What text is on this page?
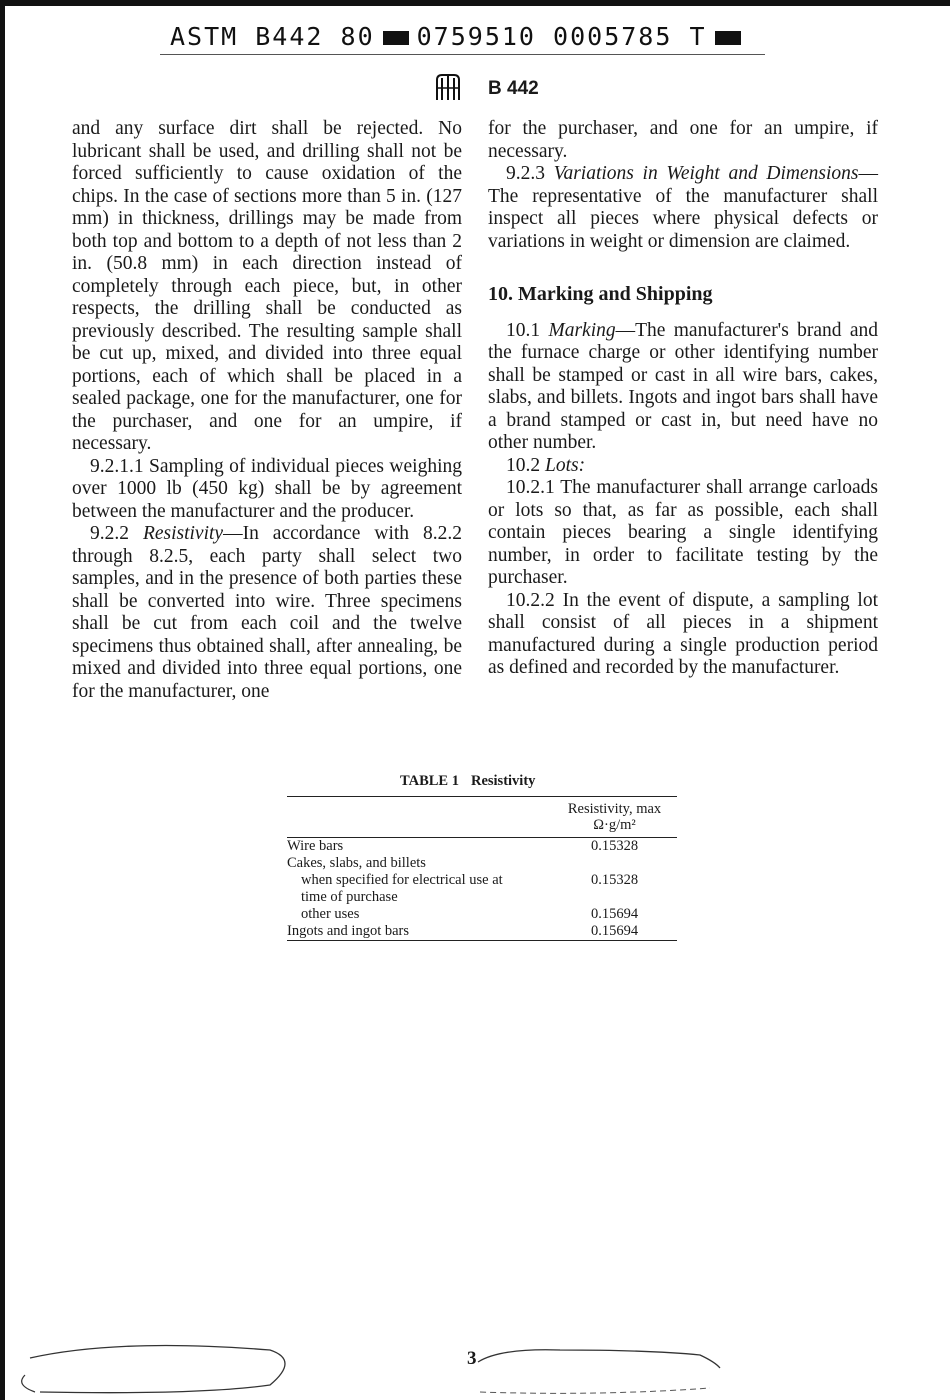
ASTM B442 80 0759510 0005785 T
B 442

and any surface dirt shall be rejected. No lubricant shall be used, and drilling shall not be forced sufficiently to cause oxidation of the chips. In the case of sections more than 5 in. (127 mm) in thickness, drillings may be made from both top and bottom to a depth of not less than 2 in. (50.8 mm) in each direction instead of completely through each piece, but, in other respects, the drilling shall be conducted as previously described. The resulting sample shall be cut up, mixed, and divided into three equal portions, each of which shall be placed in a sealed package, one for the manufacturer, one for the purchaser, and one for an umpire, if necessary.

9.2.1.1 Sampling of individual pieces weighing over 1000 lb (450 kg) shall be by agreement between the manufacturer and the producer.

9.2.2 Resistivity—In accordance with 8.2.2 through 8.2.5, each party shall select two samples, and in the presence of both parties these shall be converted into wire. Three specimens shall be cut from each coil and the twelve specimens thus obtained shall, after annealing, be mixed and divided into three equal portions, one for the manufacturer, one

for the purchaser, and one for an umpire, if necessary.

9.2.3 Variations in Weight and Dimensions—The representative of the manufacturer shall inspect all pieces where physical defects or variations in weight or dimension are claimed.

10. Marking and Shipping

10.1 Marking—The manufacturer's brand and the furnace charge or other identifying number shall be stamped or cast in all wire bars, cakes, slabs, and billets. Ingots and ingot bars shall have a brand stamped or cast in, but need have no other number.

10.2 Lots:

10.2.1 The manufacturer shall arrange carloads or lots so that, as far as possible, each shall contain pieces bearing a single identifying number, in order to facilitate testing by the purchaser.

10.2.2 In the event of dispute, a sampling lot shall consist of all pieces in a shipment manufactured during a single production period as defined and recorded by the manufacturer.

TABLE 1 Resistivity
Resistivity, max
Ω·g/m²
Wire bars	0.15328
Cakes, slabs, and billets
when specified for electrical use at	0.15328
time of purchase
other uses	0.15694
Ingots and ingot bars	0.15694
3
